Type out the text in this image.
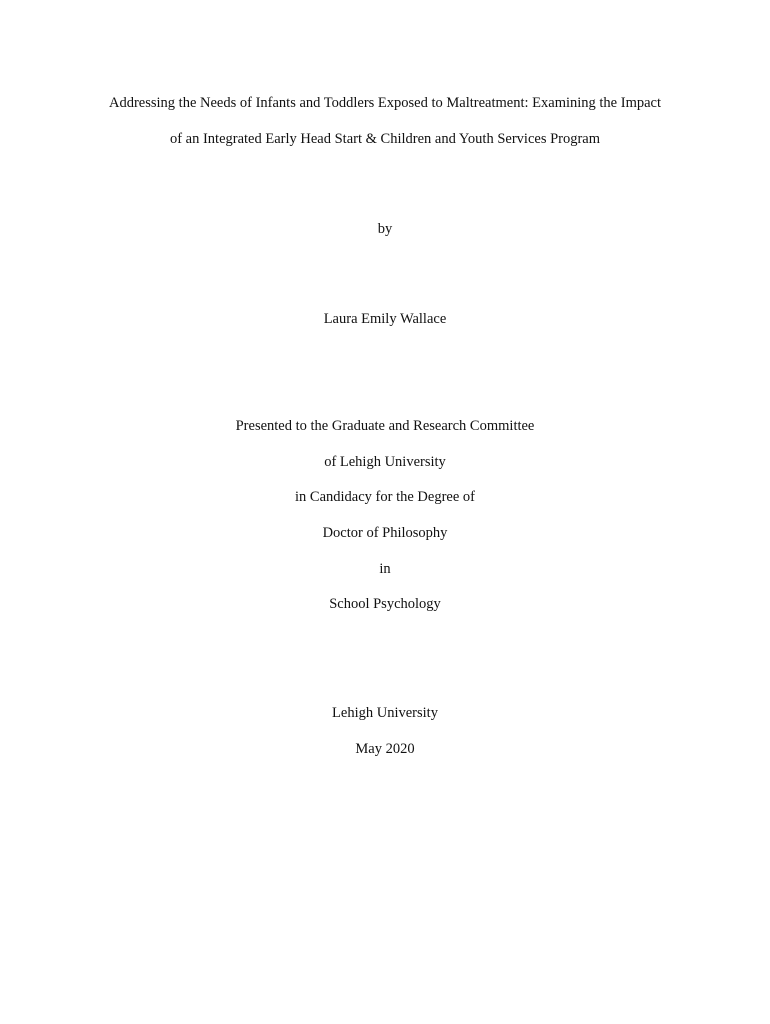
Addressing the Needs of Infants and Toddlers Exposed to Maltreatment: Examining the Impact
of an Integrated Early Head Start & Children and Youth Services Program
by
Laura Emily Wallace
Presented to the Graduate and Research Committee
of Lehigh University
in Candidacy for the Degree of
Doctor of Philosophy
in
School Psychology
Lehigh University
May 2020
